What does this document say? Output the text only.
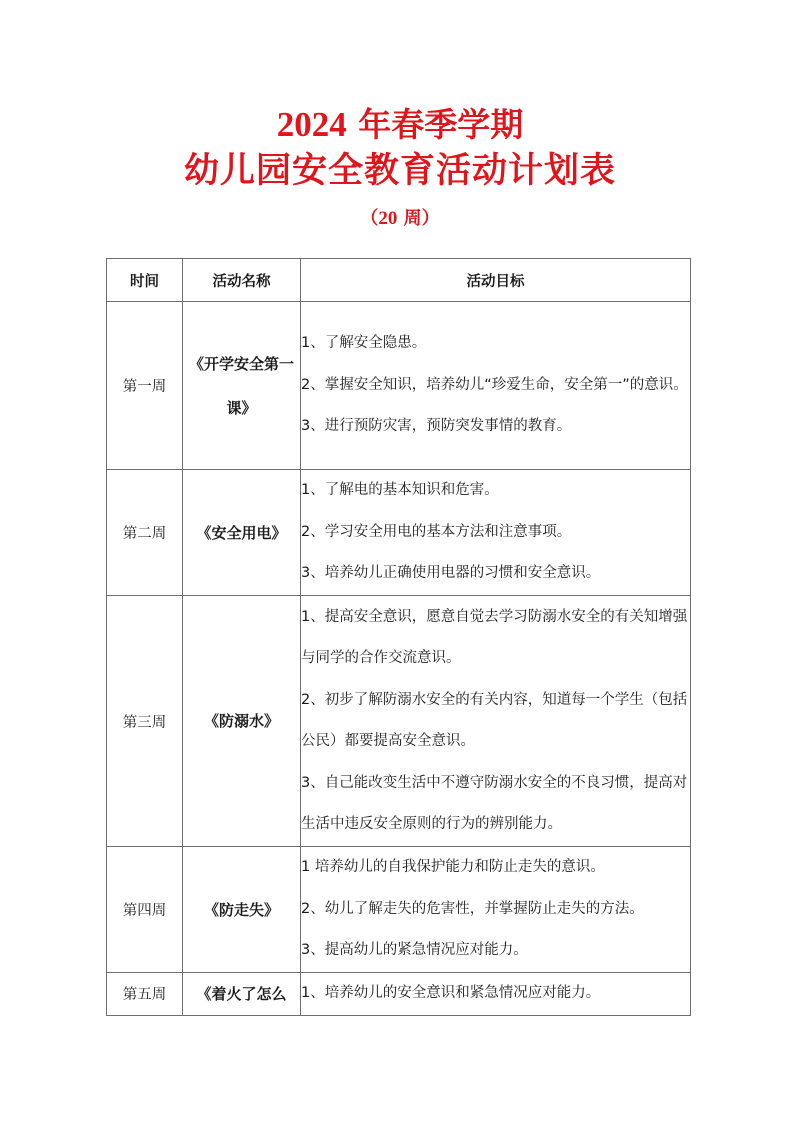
2024 年春季学期
幼儿园安全教育活动计划表
（20 周）
时间	活动名称	活动目标
第一周	《开学安全第一课》	1、了解安全隐患。
2、掌握安全知识，培养幼儿“珍爱生命，安全第一”的意识。
3、进行预防灾害，预防突发事情的教育。

第二周	《安全用电》	1、了解电的基本知识和危害。
2、学习安全用电的基本方法和注意事项。
3、培养幼儿正确使用电器的习惯和安全意识。

第三周	《防溺水》	1、提高安全意识，愿意自觉去学习防溺水安全的有关知增强与同学的合作交流意识。
2、初步了解防溺水安全的有关内容，知道每一个学生（包括公民）都要提高安全意识。
3、自己能改变生活中不遵守防溺水安全的不良习惯，提高对生活中违反安全原则的行为的辨别能力。

第四周	《防走失》	1 培养幼儿的自我保护能力和防止走失的意识。
2、幼儿了解走失的危害性，并掌握防止走失的方法。
3、提高幼儿的紧急情况应对能力。

第五周	《着火了怎么	1、培养幼儿的安全意识和紧急情况应对能力。
